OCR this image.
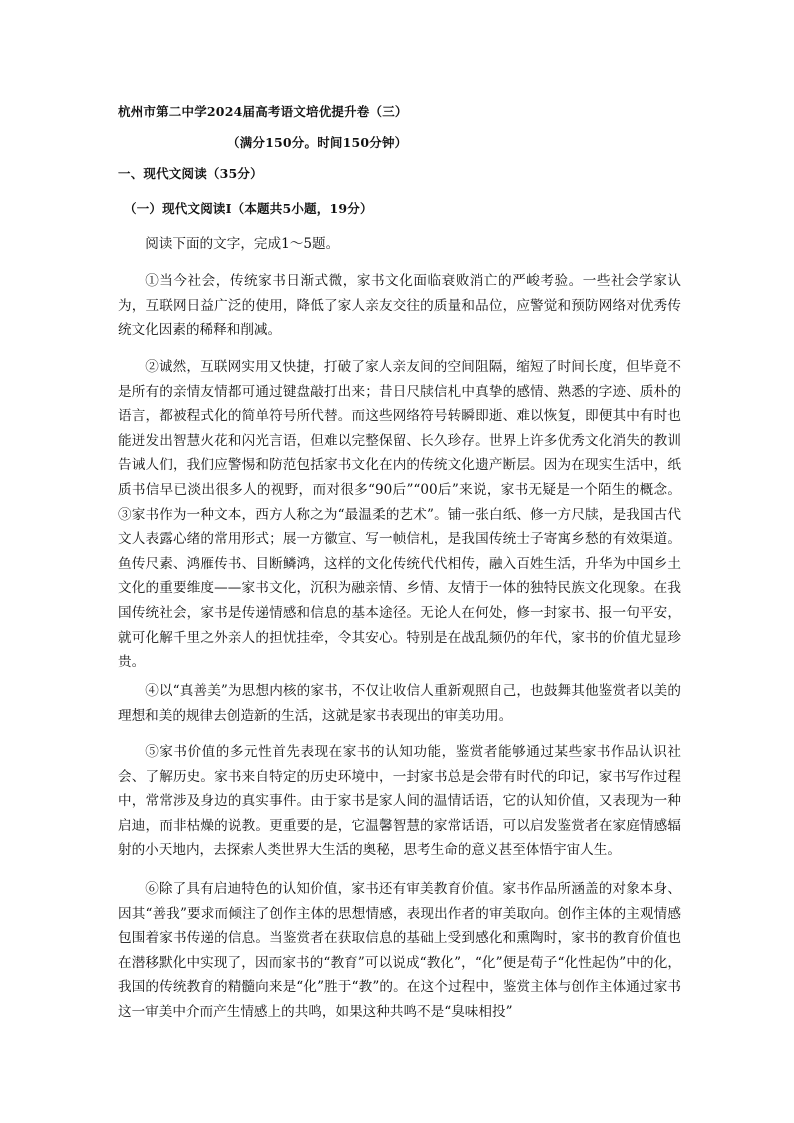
杭州市第二中学2024届高考语文培优提升卷（三）
（满分150分。时间150分钟）
一、现代文阅读（35分）
（一）现代文阅读Ⅰ（本题共5小题，19分）

阅读下面的文字，完成1～5题。

①当今社会，传统家书日渐式微，家书文化面临衰败消亡的严峻考验。一些社会学家认为，互联网日益广泛的使用，降低了家人亲友交往的质量和品位，应警觉和预防网络对优秀传统文化因素的稀释和削减。

②诚然，互联网实用又快捷，打破了家人亲友间的空间阻隔，缩短了时间长度，但毕竟不是所有的亲情友情都可通过键盘敲打出来；昔日尺牍信札中真挚的感情、熟悉的字迹、质朴的语言，都被程式化的简单符号所代替。而这些网络符号转瞬即逝、难以恢复，即便其中有时也能迸发出智慧火花和闪光言语，但难以完整保留、长久珍存。世界上许多优秀文化消失的教训告诫人们，我们应警惕和防范包括家书文化在内的传统文化遗产断层。因为在现实生活中，纸质书信早已淡出很多人的视野，而对很多“90后”“00后”来说，家书无疑是一个陌生的概念。③家书作为一种文本，西方人称之为“最温柔的艺术”。铺一张白纸、修一方尺牍，是我国古代文人表露心绪的常用形式；展一方徽宣、写一帧信札，是我国传统士子寄寓乡愁的有效渠道。鱼传尺素、鸿雁传书、目断鳞鸿，这样的文化传统代代相传，融入百姓生活，升华为中国乡土文化的重要维度——家书文化，沉积为融亲情、乡情、友情于一体的独特民族文化现象。在我国传统社会，家书是传递情感和信息的基本途径。无论人在何处，修一封家书、报一句平安，就可化解千里之外亲人的担忧挂牵，令其安心。特别是在战乱频仍的年代，家书的价值尤显珍贵。

④以“真善美”为思想内核的家书，不仅让收信人重新观照自己，也鼓舞其他鉴赏者以美的理想和美的规律去创造新的生活，这就是家书表现出的审美功用。

⑤家书价值的多元性首先表现在家书的认知功能，鉴赏者能够通过某些家书作品认识社会、了解历史。家书来自特定的历史环境中，一封家书总是会带有时代的印记，家书写作过程中，常常涉及身边的真实事件。由于家书是家人间的温情话语，它的认知价值，又表现为一种启迪，而非枯燥的说教。更重要的是，它温馨智慧的家常话语，可以启发鉴赏者在家庭情感辐射的小天地内，去探索人类世界大生活的奥秘，思考生命的意义甚至体悟宇宙人生。

⑥除了具有启迪特色的认知价值，家书还有审美教育价值。家书作品所涵盖的对象本身、因其“善我”要求而倾注了创作主体的思想情感，表现出作者的审美取向。创作主体的主观情感包围着家书传递的信息。当鉴赏者在获取信息的基础上受到感化和熏陶时，家书的教育价值也在潜移默化中实现了，因而家书的“教育”可以说成“教化”，“化”便是荀子“化性起伪”中的化，我国的传统教育的精髓向来是“化”胜于“教”的。在这个过程中，鉴赏主体与创作主体通过家书这一审美中介而产生情感上的共鸣，如果这种共鸣不是“臭味相投”
